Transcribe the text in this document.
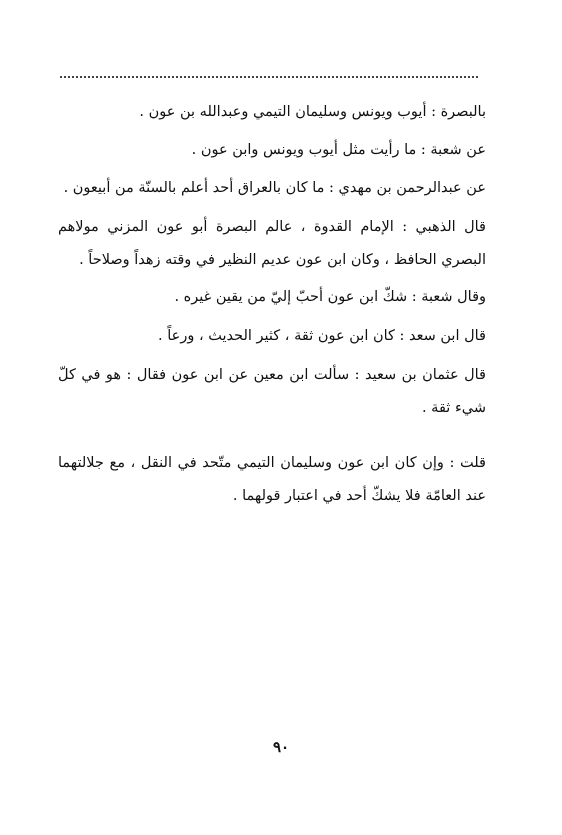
بالبصرة : أيوب ويونس وسليمان التيمي وعبدالله بن عون .

عن شعبة : ما رأيت مثل أيوب ويونس وابن عون .

عن عبدالرحمن بن مهدي : ما كان بالعراق أحد أعلم بالسنّة من أبيعون .

قال الذهبي : الإمام القدوة ، عالم البصرة أبو عون المزني مولاهم البصري الحافظ ، وكان ابن عون عديم النظير في وقته زهداً وصلاحاً .

وقال شعبة : شكّ ابن عون أحبّ إليّ من يقين غيره .

قال ابن سعد : كان ابن عون ثقة ، كثير الحديث ، ورعاً .

قال عثمان بن سعيد : سألت ابن معين عن ابن عون فقال : هو في كلّ شيء ثقة .

قلت : وإن كان ابن عون وسليمان التيمي متّحد في النقل ، مع جلالتهما عند العامّة فلا يشكّ أحد في اعتبار قولهما .

٩٠
